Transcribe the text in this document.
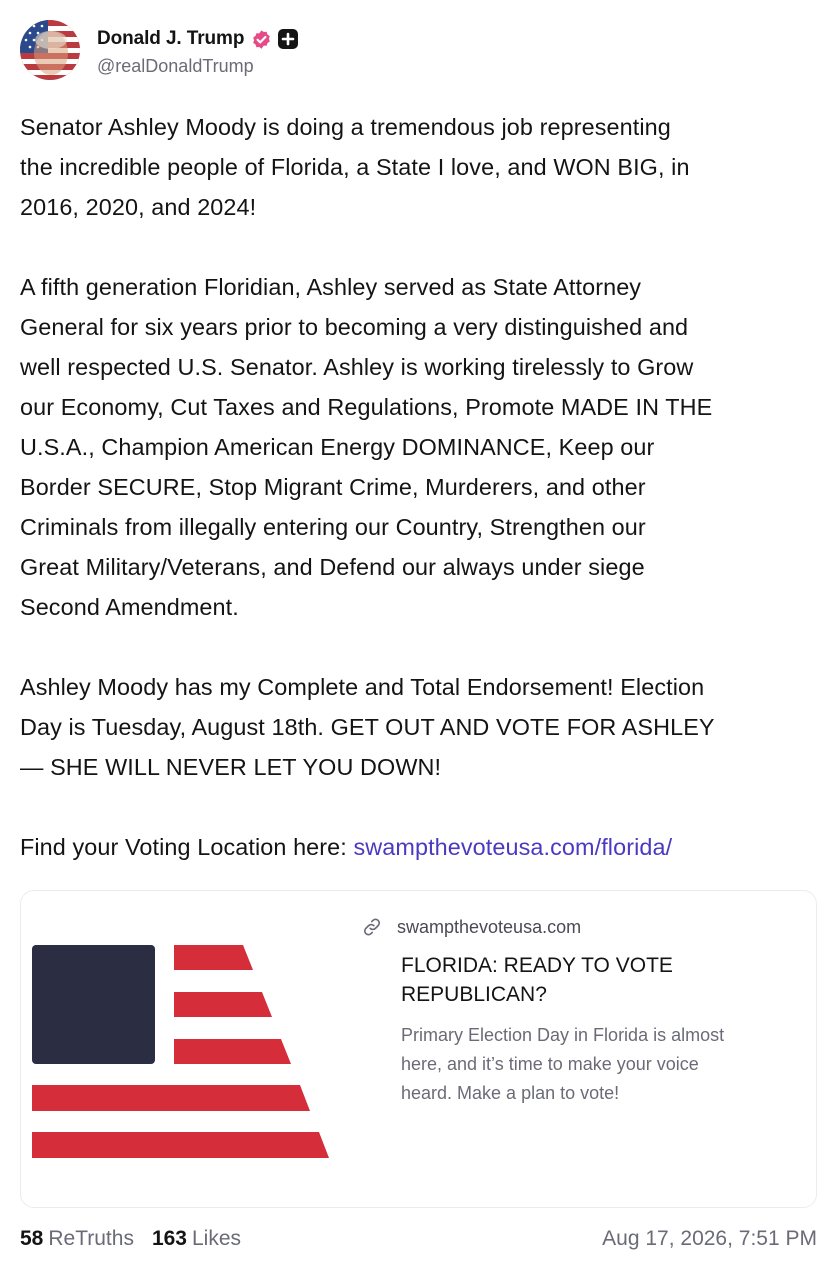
Donald J. Trump
@realDonaldTrump

Senator Ashley Moody is doing a tremendous job representing
the incredible people of Florida, a State I love, and WON BIG, in
2016, 2020, and 2024!

A fifth generation Floridian, Ashley served as State Attorney
General for six years prior to becoming a very distinguished and
well respected U.S. Senator. Ashley is working tirelessly to Grow
our Economy, Cut Taxes and Regulations, Promote MADE IN THE
U.S.A., Champion American Energy DOMINANCE, Keep our
Border SECURE, Stop Migrant Crime, Murderers, and other
Criminals from illegally entering our Country, Strengthen our
Great Military/Veterans, and Defend our always under siege
Second Amendment.

Ashley Moody has my Complete and Total Endorsement! Election
Day is Tuesday, August 18th. GET OUT AND VOTE FOR ASHLEY
— SHE WILL NEVER LET YOU DOWN!

Find your Voting Location here: swampthevoteusa.com/florida/

swampthevoteusa.com
FLORIDA: READY TO VOTE
REPUBLICAN?
Primary Election Day in Florida is almost
here, and it’s time to make your voice
heard. Make a plan to vote!
58 ReTruths 163 Likes	Aug 17, 2026, 7:51 PM
